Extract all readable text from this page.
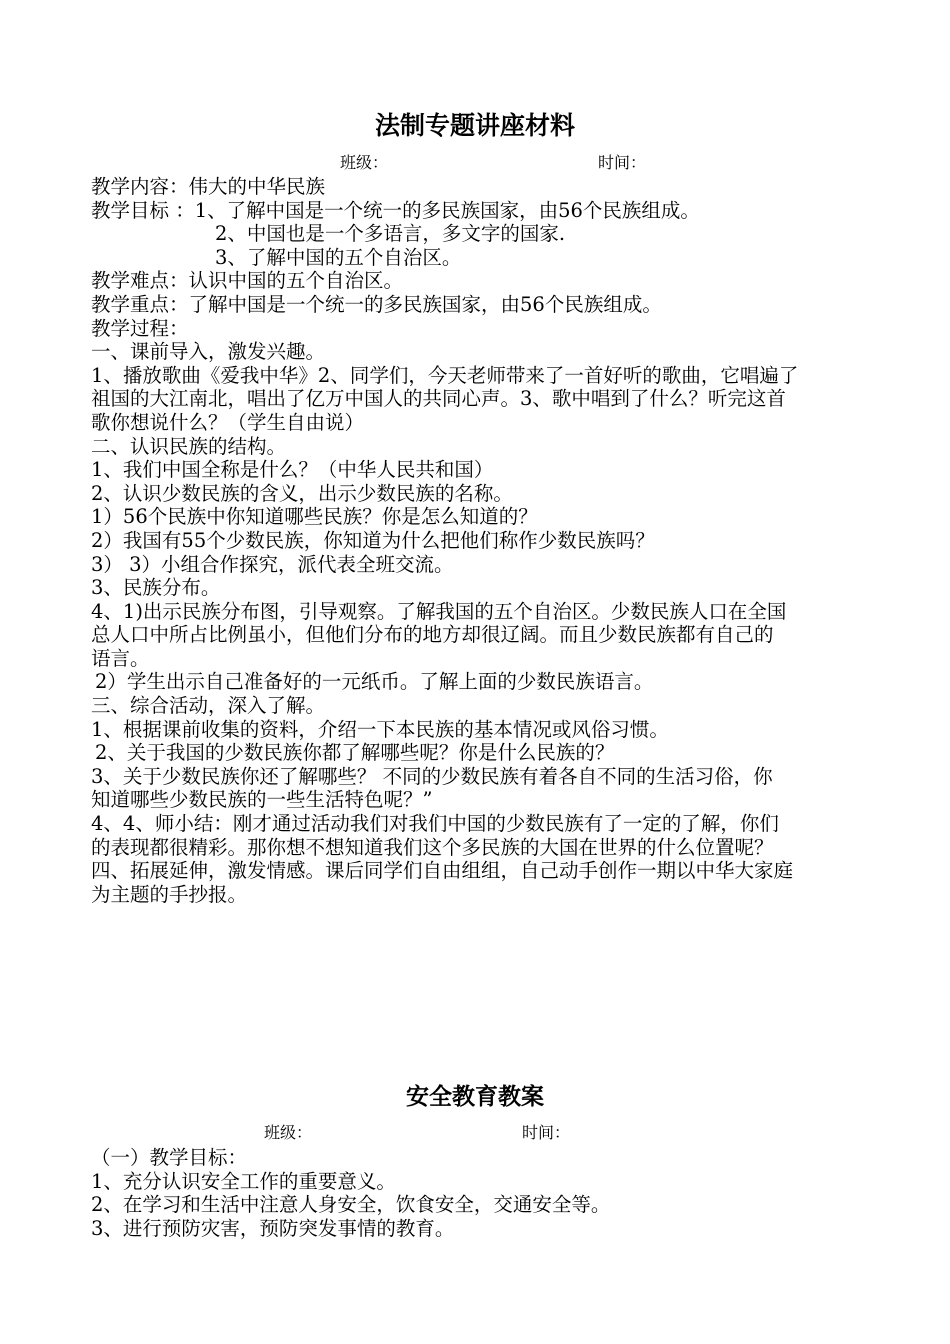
法制专题讲座材料
班级：	时间：

教学内容：伟大的中华民族

教学目标 ：1、了解中国是一个统一的多民族国家，由56个民族组成。

2、中国也是一个多语言，多文字的国家.

3、了解中国的五个自治区。

教学难点：认识中国的五个自治区。

教学重点：了解中国是一个统一的多民族国家，由56个民族组成。

教学过程：

一、课前导入，激发兴趣。

1、播放歌曲《爱我中华》2、同学们，今天老师带来了一首好听的歌曲，它唱遍了

祖国的大江南北，唱出了亿万中国人的共同心声。3、歌中唱到了什么？听完这首

歌你想说什么？（学生自由说）

二、认识民族的结构。

1、我们中国全称是什么？（中华人民共和国）

2、认识少数民族的含义，出示少数民族的名称。

1）56个民族中你知道哪些民族？你是怎么知道的？

2）我国有55个少数民族，你知道为什么把他们称作少数民族吗？

3） 3）小组合作探究，派代表全班交流。

3、民族分布。

4、1)出示民族分布图，引导观察。了解我国的五个自治区。少数民族人口在全国

总人口中所占比例虽小，但他们分布的地方却很辽阔。而且少数民族都有自己的

语言。

2）学生出示自己准备好的一元纸币。了解上面的少数民族语言。

三、综合活动，深入了解。

1、根据课前收集的资料，介绍一下本民族的基本情况或风俗习惯。

2、关于我国的少数民族你都了解哪些呢？你是什么民族的？

3、关于少数民族你还了解哪些？ 不同的少数民族有着各自不同的生活习俗，你

知道哪些少数民族的一些生活特色呢？”

4、4、师小结：刚才通过活动我们对我们中国的少数民族有了一定的了解，你们

的表现都很精彩。那你想不想知道我们这个多民族的大国在世界的什么位置呢？

四、拓展延伸，激发情感。课后同学们自由组组，自己动手创作一期以中华大家庭

为主题的手抄报。

安全教育教案
班级：	时间：

（一）教学目标：

1、充分认识安全工作的重要意义。

2、在学习和生活中注意人身安全，饮食安全，交通安全等。

3、进行预防灾害，预防突发事情的教育。
